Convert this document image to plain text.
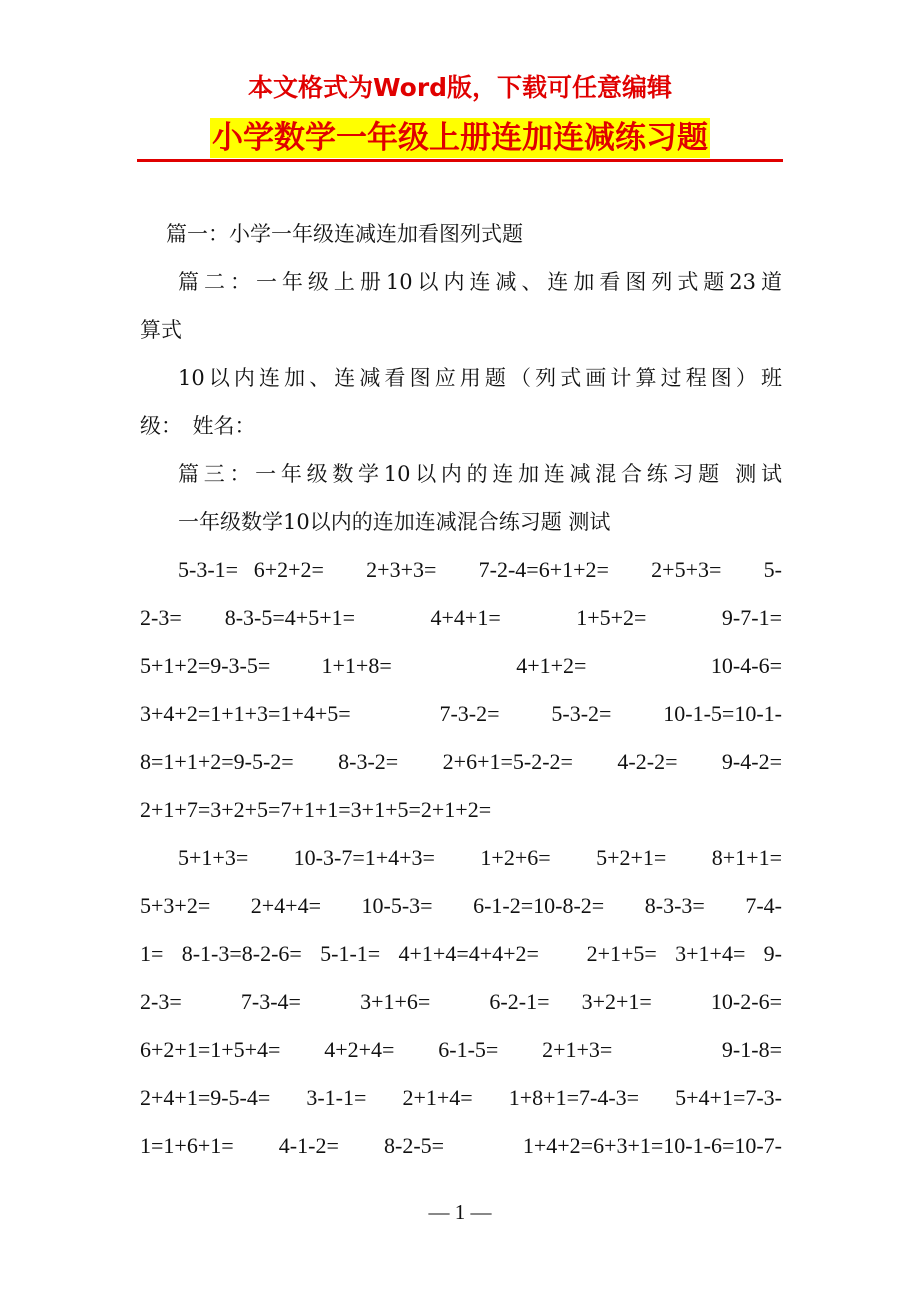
本文格式为Word版，下载可任意编辑
小学数学一年级上册连加连减练习题
篇一：小学一年级连减连加看图列式题
篇二：一年级上册10以内连减、连加看图列式题23道
算式
10以内连加、连减看图应用题（列式画计算过程图）班
级：　姓名：
篇三：一年级数学10以内的连加连减混合练习题 测试
一年级数学10以内的连加连减混合练习题 测试
5-3-1= 6+2+2=　2+3+3=　7-2-4=6+1+2=　2+5+3=　5-
2-3=　8-3-5=4+5+1=　　4+4+1=　　1+5+2=　　9-7-1=
5+1+2=9-3-5=　1+1+8=　　　4+1+2=　　　10-4-6=
3+4+2=1+1+3=1+4+5=　　7-3-2=　5-3-2=　10-1-5=10-1-
8=1+1+2=9-5-2=　8-3-2=　2+6+1=5-2-2=　4-2-2=　9-4-2=
2+1+7=3+2+5=7+1+1=3+1+5=2+1+2=
5+1+3=　10-3-7=1+4+3=　1+2+6=　5+2+1=　8+1+1=
5+3+2=　2+4+4=　10-5-3=　6-1-2=10-8-2=　8-3-3=　7-4-
1= 8-1-3=8-2-6= 5-1-1= 4+1+4=4+4+2=　2+1+5= 3+1+4= 9-
2-3=　　7-3-4=　　3+1+6=　　6-2-1=　3+2+1=　　10-2-6=
6+2+1=1+5+4=　4+2+4=　6-1-5=　2+1+3=　　　9-1-8=
2+4+1=9-5-4=　3-1-1=　2+1+4=　1+8+1=7-4-3=　5+4+1=7-3-
1=1+6+1=　4-1-2=　8-2-5=　　1+4+2=6+3+1=10-1-6=10-7-
— 1 —
